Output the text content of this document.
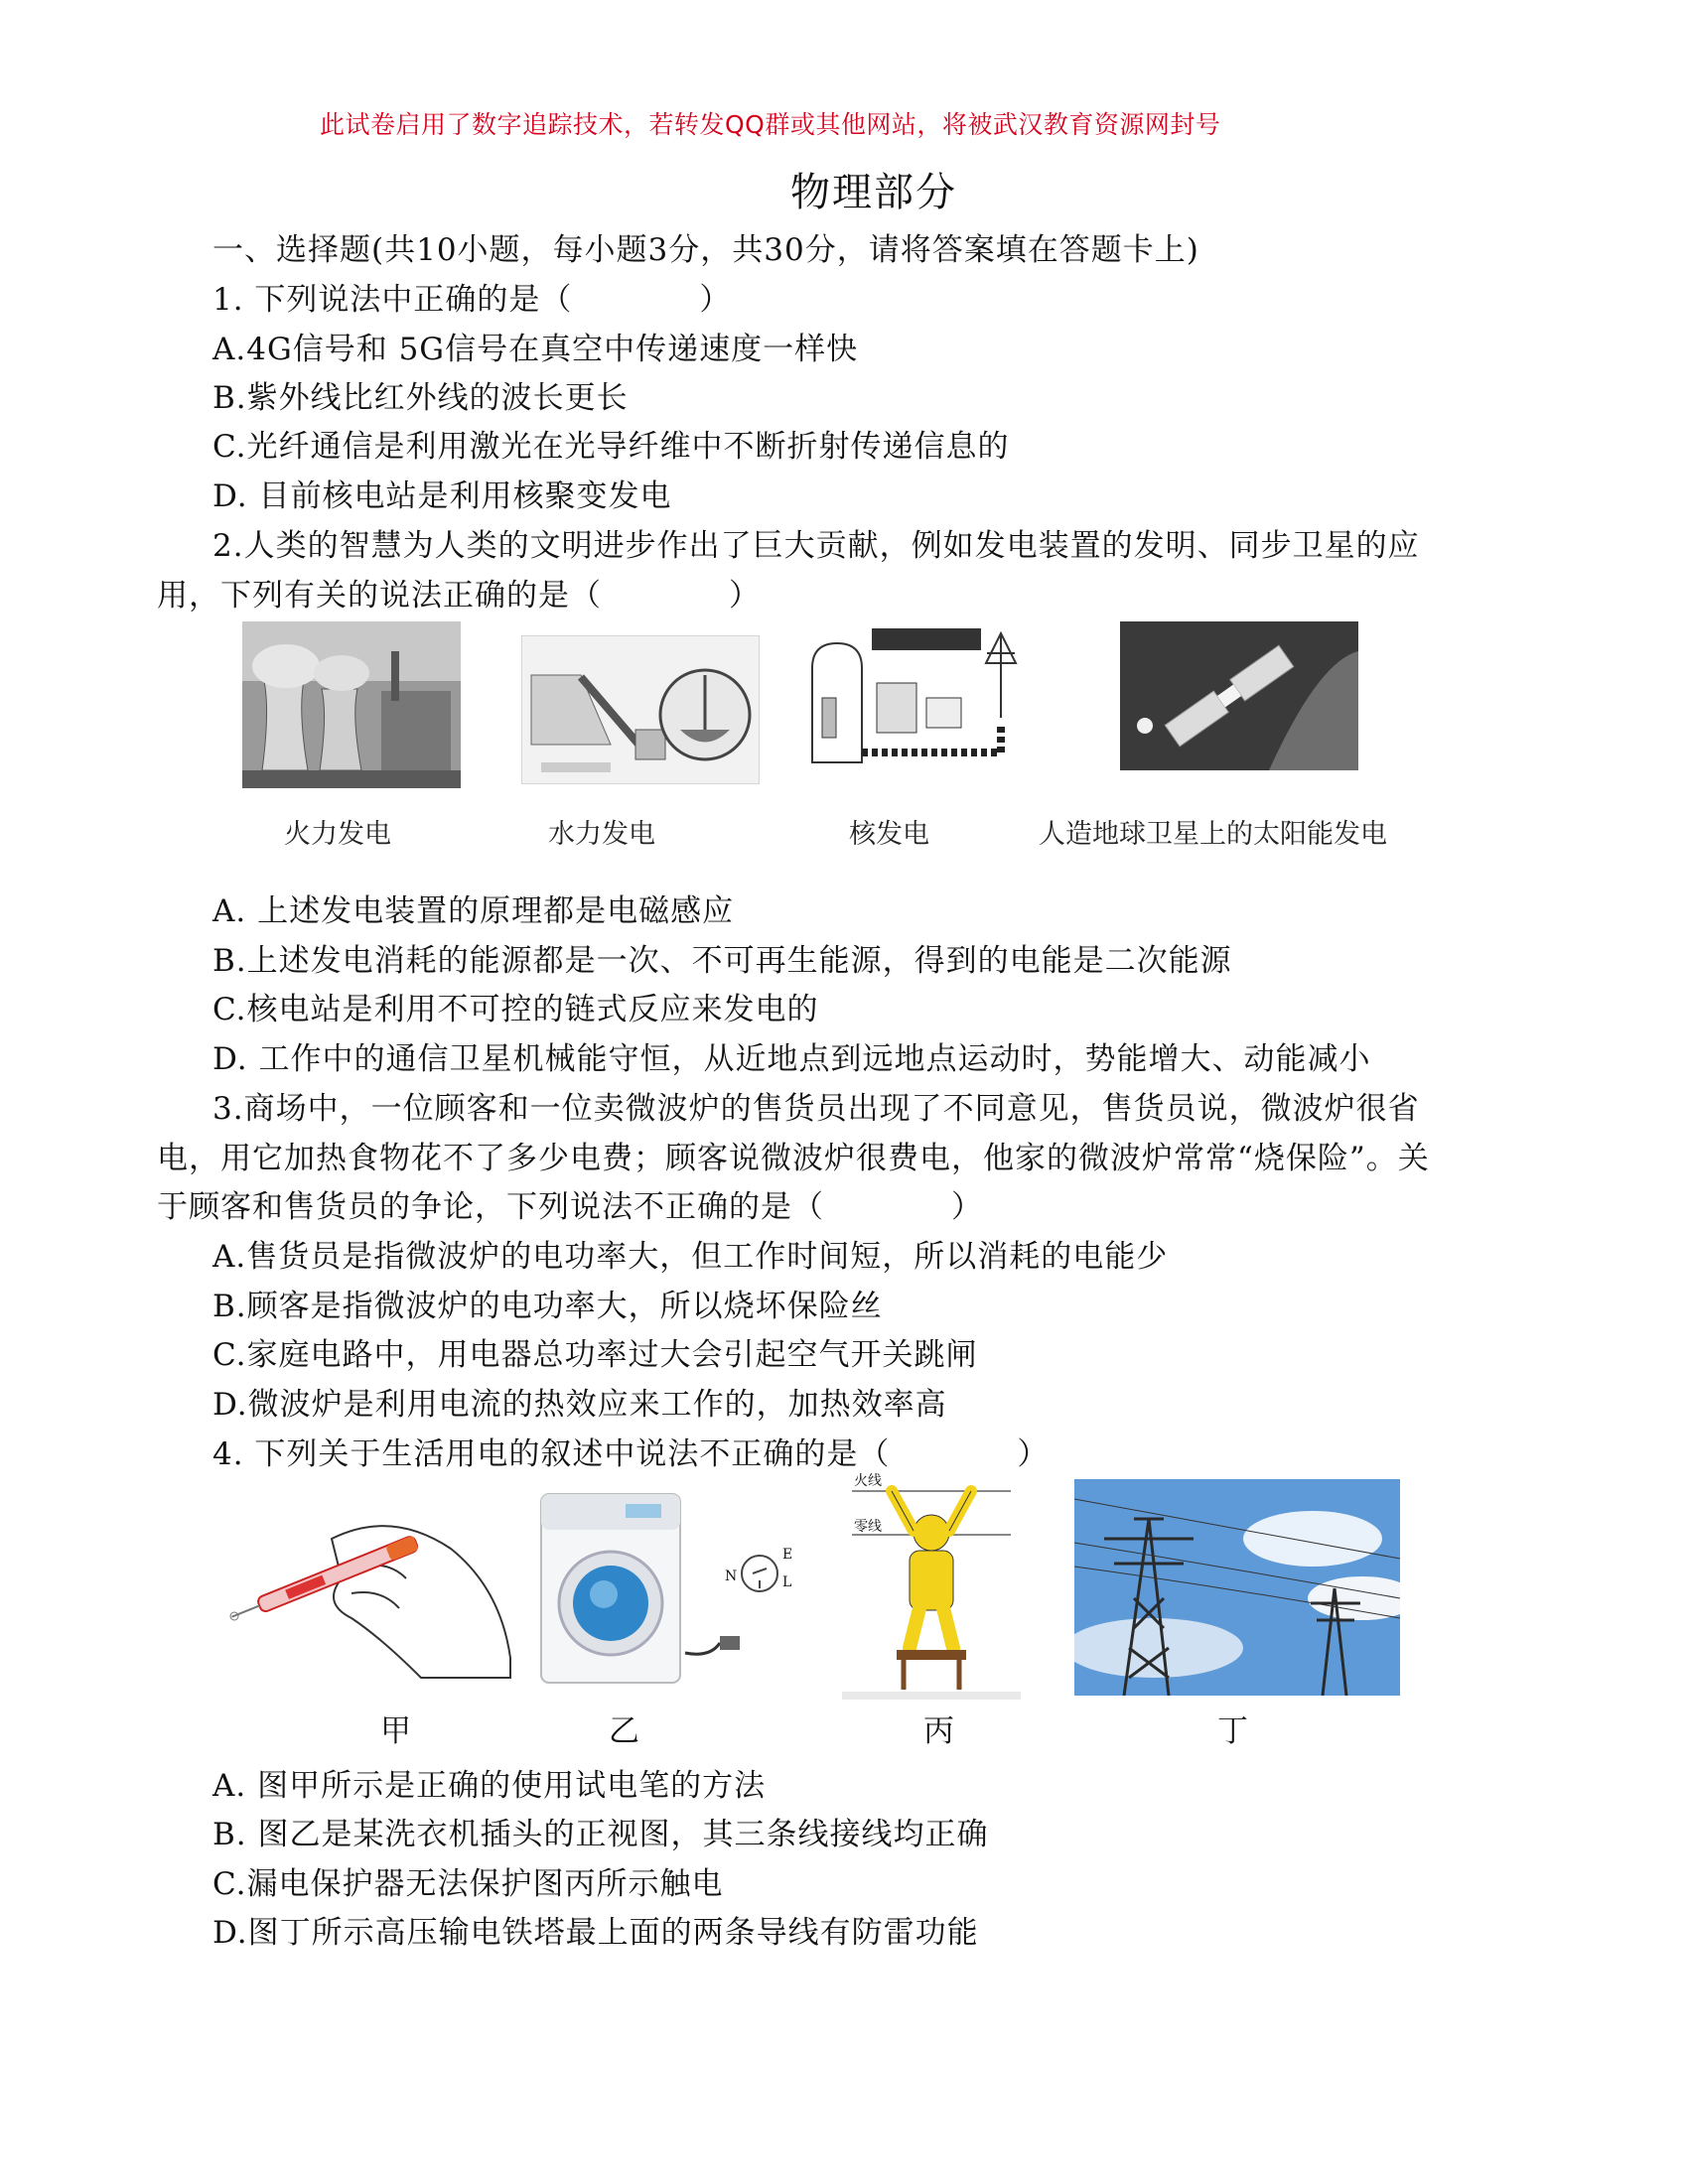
此试卷启用了数字追踪技术，若转发QQ群或其他网站，将被武汉教育资源网封号
物理部分
一、选择题(共10小题，每小题3分，共30分，请将答案填在答题卡上)
1. 下列说法中正确的是（　　　　）
A.4G信号和 5G信号在真空中传递速度一样快
B.紫外线比红外线的波长更长
C.光纤通信是利用激光在光导纤维中不断折射传递信息的
D. 目前核电站是利用核聚变发电
2.人类的智慧为人类的文明进步作出了巨大贡献，例如发电装置的发明、同步卫星的应
用，下列有关的说法正确的是（　　　　）
火力发电	水力发电	核发电	人造地球卫星上的太阳能发电
A. 上述发电装置的原理都是电磁感应
B.上述发电消耗的能源都是一次、不可再生能源，得到的电能是二次能源
C.核电站是利用不可控的链式反应来发电的
D. 工作中的通信卫星机械能守恒，从近地点到远地点运动时，势能增大、动能减小
3.商场中，一位顾客和一位卖微波炉的售货员出现了不同意见，售货员说，微波炉很省
电，用它加热食物花不了多少电费；顾客说微波炉很费电，他家的微波炉常常“烧保险”。关
于顾客和售货员的争论，下列说法不正确的是（　　　　）
A.售货员是指微波炉的电功率大，但工作时间短，所以消耗的电能少
B.顾客是指微波炉的电功率大，所以烧坏保险丝
C.家庭电路中，用电器总功率过大会引起空气开关跳闸
D.微波炉是利用电流的热效应来工作的，加热效率高
4. 下列关于生活用电的叙述中说法不正确的是（　　　　）
N
E
L
火线
零线
甲	乙	丙	丁
A. 图甲所示是正确的使用试电笔的方法
B. 图乙是某洗衣机插头的正视图，其三条线接线均正确
C.漏电保护器无法保护图丙所示触电
D.图丁所示高压输电铁塔最上面的两条导线有防雷功能
